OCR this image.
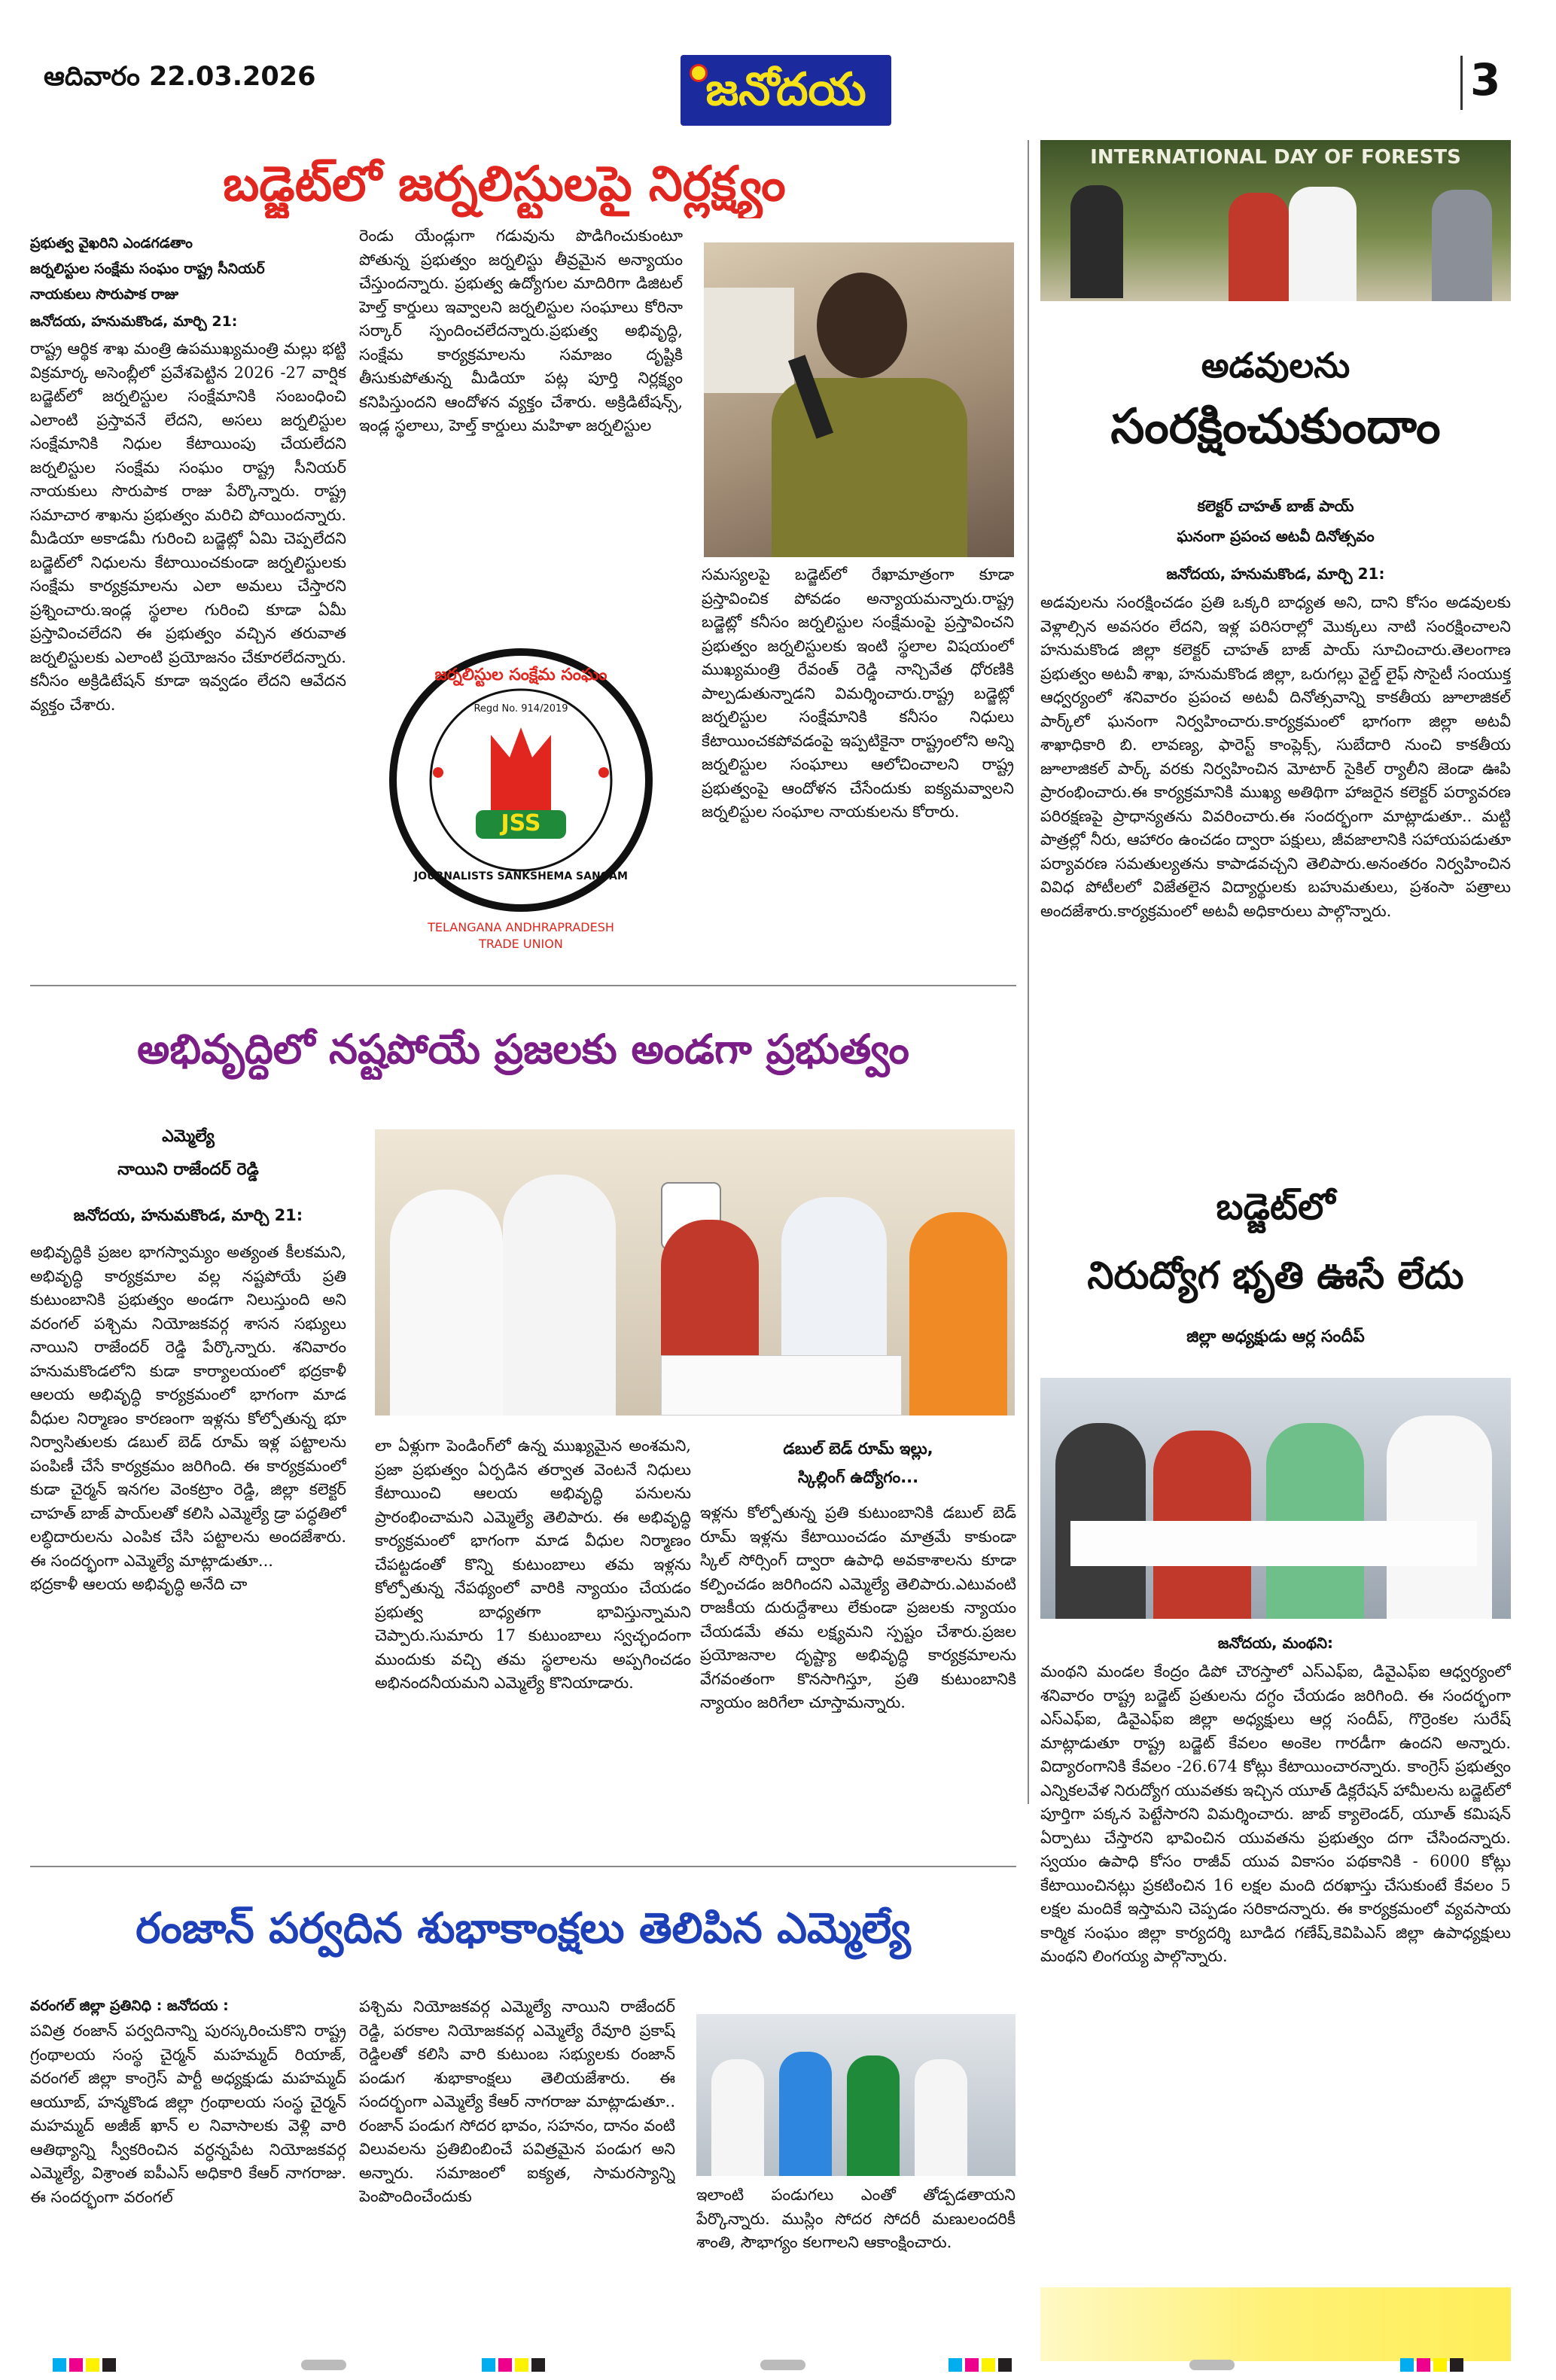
ఆదివారం 22.03.2026	జనోదయ	3
బడ్జెట్‌లో జర్నలిస్టులపై నిర్లక్ష్యం
ప్రభుత్వ వైఖరిని ఎండగడతాం
జర్నలిస్టుల సంక్షేమ సంఘం రాష్ట్ర సీనియర్
నాయకులు సొరుపాక రాజు
జనోదయ, హనుమకొండ, మార్చి 21:
రాష్ట్ర ఆర్థిక శాఖ మంత్రి ఉపముఖ్యమంత్రి మల్లు భట్టి విక్రమార్క అసెంబ్లీలో ప్రవేశపెట్టిన 2026 -27 వార్షిక బడ్జెట్‌లో జర్నలిస్టుల సంక్షేమానికి సంబంధించి ఎలాంటి ప్రస్తావనే లేదని, అసలు జర్నలిస్టుల సంక్షేమానికి నిధుల కేటాయింపు చేయలేదని జర్నలిస్టుల సంక్షేమ సంఘం రాష్ట్ర సీనియర్ నాయకులు సొరుపాక రాజు పేర్కొన్నారు. రాష్ట్ర సమాచార శాఖను ప్రభుత్వం మరిచి పోయిందన్నారు. మీడియా అకాడమీ గురించి బడ్జెట్లో ఏమి చెప్పలేదని బడ్జెట్‌లో నిధులను కేటాయించకుండా జర్నలిస్టులకు సంక్షేమ కార్యక్రమాలను ఎలా అమలు చేస్తారని ప్రశ్నించారు.ఇండ్ల స్థలాల గురించి కూడా ఏమీ ప్రస్తావించలేదని ఈ ప్రభుత్వం వచ్చిన తరువాత జర్నలిస్టులకు ఎలాంటి ప్రయోజనం చేకూరలేదన్నారు. కనీసం అక్రిడిటేషన్ కూడా ఇవ్వడం లేదని ఆవేదన వ్యక్తం చేశారు.
రెండు యేండ్లుగా గడువును పొడిగించుకుంటూ పోతున్న ప్రభుత్వం జర్నలిస్టు తీవ్రమైన అన్యాయం చేస్తుందన్నారు. ప్రభుత్వ ఉద్యోగుల మాదిరిగా డిజిటల్ హెల్త్ కార్డులు ఇవ్వాలని జర్నలిస్టుల సంఘాలు కోరినా సర్కార్ స్పందించలేదన్నారు.ప్రభుత్వ అభివృద్ధి, సంక్షేమ కార్యక్రమాలను సమాజం దృష్టికి తీసుకుపోతున్న మీడియా పట్ల పూర్తి నిర్లక్ష్యం కనిపిస్తుందని ఆందోళన వ్యక్తం చేశారు. అక్రిడిటేషన్స్, ఇండ్ల స్థలాలు, హెల్త్ కార్డులు మహిళా జర్నలిస్టుల
సమస్యలపై బడ్జెట్‌లో రేఖామాత్రంగా కూడా ప్రస్తావించిక పోవడం అన్యాయమన్నారు.రాష్ట్ర బడ్జెట్లో కనీసం జర్నలిస్టుల సంక్షేమంపై ప్రస్తావించని ప్రభుత్వం జర్నలిస్టులకు ఇంటి స్థలాల విషయంలో ముఖ్యమంత్రి రేవంత్ రెడ్డి నాన్చివేత ధోరణికి పాల్పడుతున్నాడని విమర్శించారు.రాష్ట్ర బడ్జెట్లో జర్నలిస్టుల సంక్షేమానికి కనీసం నిధులు కేటాయించకపోవడంపై ఇప్పటికైనా రాష్ట్రంలోని అన్ని జర్నలిస్టుల సంఘాలు ఆలోచించాలని రాష్ట్ర ప్రభుత్వంపై ఆందోళన చేసేందుకు ఐక్యమవ్వాలని జర్నలిస్టుల సంఘాల నాయకులను కోరారు.
జర్నలిస్టుల సంక్షేమ సంఘం
Regd No. 914/2019
JSS
JOURNALISTS SANKSHEMA SANGAM
TELANGANA ANDHRAPRADESH
TRADE UNION
INTERNATIONAL DAY OF FORESTS
అడవులను
సంరక్షించుకుందాం
కలెక్టర్ చాహత్ బాజ్ పాయ్
ఘనంగా ప్రపంచ అటవీ దినోత్సవం
జనోదయ, హనుమకొండ, మార్చి 21:
అడవులను సంరక్షించడం ప్రతి ఒక్కరి బాధ్యత అని, దాని కోసం అడవులకు వెళ్లాల్సిన అవసరం లేదని, ఇళ్ల పరిసరాల్లో మొక్కలు నాటి సంరక్షించాలని హనుమకొండ జిల్లా కలెక్టర్ చాహత్ బాజ్ పాయ్ సూచించారు.తెలంగాణ ప్రభుత్వం అటవీ శాఖ, హనుమకొండ జిల్లా, ఒరుగల్లు వైల్డ్ లైఫ్ సొసైటీ సంయుక్త ఆధ్వర్యంలో శనివారం ప్రపంచ అటవీ దినోత్సవాన్ని కాకతీయ జూలాజికల్ పార్క్‌లో ఘనంగా నిర్వహించారు.కార్యక్రమంలో భాగంగా జిల్లా అటవీ శాఖాధికారి బి. లావణ్య, ఫారెస్ట్ కాంప్లెక్స్, సుబేదారి నుంచి కాకతీయ జూలాజికల్ పార్క్ వరకు నిర్వహించిన మోటార్ సైకిల్ ర్యాలీని జెండా ఊపి ప్రారంభించారు.ఈ కార్యక్రమానికి ముఖ్య అతిథిగా హాజరైన కలెక్టర్ పర్యావరణ పరిరక్షణపై ప్రాధాన్యతను వివరించారు.ఈ సందర్భంగా మాట్లాడుతూ.. మట్టి పాత్రల్లో నీరు, ఆహారం ఉంచడం ద్వారా పక్షులు, జీవజాలానికి సహాయపడుతూ పర్యావరణ సమతుల్యతను కాపాడవచ్చని తెలిపారు.అనంతరం నిర్వహించిన వివిధ పోటీలలో విజేతలైన విద్యార్థులకు బహుమతులు, ప్రశంసా పత్రాలు అందజేశారు.కార్యక్రమంలో అటవీ అధికారులు పాల్గొన్నారు.
అభివృద్ధిలో నష్టపోయే ప్రజలకు అండగా ప్రభుత్వం
ఎమ్మెల్యే
నాయిని రాజేందర్ రెడ్డి
జనోదయ, హనుమకొండ, మార్చి 21:
అభివృద్ధికి ప్రజల భాగస్వామ్యం అత్యంత కీలకమని, అభివృద్ధి కార్యక్రమాల వల్ల నష్టపోయే ప్రతి కుటుంబానికి ప్రభుత్వం అండగా నిలుస్తుంది అని వరంగల్ పశ్చిమ నియోజకవర్గ శాసన సభ్యులు నాయిని రాజేందర్ రెడ్డి పేర్కొన్నారు. శనివారం హనుమకొండలోని కుడా కార్యాలయంలో భద్రకాళీ ఆలయ అభివృద్ధి కార్యక్రమంలో భాగంగా మాడ వీధుల నిర్మాణం కారణంగా ఇళ్లను కోల్పోతున్న భూ నిర్వాసితులకు డబుల్ బెడ్ రూమ్ ఇళ్ల పట్టాలను పంపిణీ చేసే కార్యక్రమం జరిగింది. ఈ కార్యక్రమంలో కుడా చైర్మన్ ఇనగల వెంకట్రాం రెడ్డి, జిల్లా కలెక్టర్ చాహత్ బాజ్ పాయ్‌లతో కలిసి ఎమ్మెల్యే డ్రా పద్ధతిలో లబ్ధిదారులను ఎంపిక చేసి పట్టాలను అందజేశారు. ఈ సందర్భంగా ఎమ్మెల్యే మాట్లాడుతూ...
భద్రకాళీ ఆలయ అభివృద్ధి అనేది చా
లా ఏళ్లుగా పెండింగ్‌లో ఉన్న ముఖ్యమైన అంశమని, ప్రజా ప్రభుత్వం ఏర్పడిన తర్వాత వెంటనే నిధులు కేటాయించి ఆలయ అభివృద్ధి పనులను ప్రారంభించామని ఎమ్మెల్యే తెలిపారు. ఈ అభివృద్ధి కార్యక్రమంలో భాగంగా మాడ వీధుల నిర్మాణం చేపట్టడంతో కొన్ని కుటుంబాలు తమ ఇళ్లను కోల్పోతున్న నేపథ్యంలో వారికి న్యాయం చేయడం ప్రభుత్వ బాధ్యతగా భావిస్తున్నామని చెప్పారు.సుమారు 17 కుటుంబాలు స్వచ్ఛందంగా ముందుకు వచ్చి తమ స్థలాలను అప్పగించడం అభినందనీయమని ఎమ్మెల్యే కొనియాడారు.
డబుల్ బెడ్ రూమ్ ఇల్లు,
స్కిల్లింగ్ ఉద్యోగం...
ఇళ్లను కోల్పోతున్న ప్రతి కుటుంబానికి డబుల్ బెడ్ రూమ్ ఇళ్లను కేటాయించడం మాత్రమే కాకుండా స్కిల్ సోర్సింగ్ ద్వారా ఉపాధి అవకాశాలను కూడా కల్పించడం జరిగిందని ఎమ్మెల్యే తెలిపారు.ఎటువంటి రాజకీయ దురుద్దేశాలు లేకుండా ప్రజలకు న్యాయం చేయడమే తమ లక్ష్యమని స్పష్టం చేశారు.ప్రజల ప్రయోజనాల దృష్ట్యా అభివృద్ధి కార్యక్రమాలను వేగవంతంగా కొనసాగిస్తూ, ప్రతి కుటుంబానికి న్యాయం జరిగేలా చూస్తామన్నారు.
బడ్జెట్‌లో
నిరుద్యోగ భృతి ఊసే లేదు
జిల్లా అధ్యక్షుడు ఆర్ల సందీప్
జనోదయ, మంథని:
మంథని మండల కేంద్రం డిపో చౌరస్తాలో ఎస్ఎఫ్ఐ, డివైఎఫ్ఐ ఆధ్వర్యంలో శనివారం రాష్ట్ర బడ్జెట్ ప్రతులను దగ్ధం చేయడం జరిగింది. ఈ సందర్భంగా ఎస్ఎఫ్ఐ, డివైఎఫ్ఐ జిల్లా అధ్యక్షులు ఆర్ల సందీప్, గొర్రెంకల సురేష్ మాట్లాడుతూ రాష్ట్ర బడ్జెట్ కేవలం అంకెల గారడీగా ఉందని అన్నారు. విద్యారంగానికి కేవలం -26.674 కోట్లు కేటాయించారన్నారు. కాంగ్రెస్ ప్రభుత్వం ఎన్నికలవేళ నిరుద్యోగ యువతకు ఇచ్చిన యూత్ డిక్లరేషన్ హామీలను బడ్జెట్‌లో పూర్తిగా పక్కన పెట్టేసారని విమర్శించారు. జాబ్ క్యాలెండర్, యూత్ కమిషన్ ఏర్పాటు చేస్తారని భావించిన యువతను ప్రభుత్వం దగా చేసిందన్నారు. స్వయం ఉపాధి కోసం రాజీవ్ యువ వికాసం పథకానికి - 6000 కోట్లు కేటాయించినట్లు ప్రకటించిన 16 లక్షల మంది దరఖాస్తు చేసుకుంటే కేవలం 5 లక్షల మందికే ఇస్తామని చెప్పడం సరికాదన్నారు. ఈ కార్యక్రమంలో వ్యవసాయ కార్మిక సంఘం జిల్లా కార్యదర్శి బూడిద గణేష్,కెవిపిఎస్ జిల్లా ఉపాధ్యక్షులు మంథని లింగయ్య పాల్గొన్నారు.
రంజాన్ పర్వదిన శుభాకాంక్షలు తెలిపిన ఎమ్మెల్యే
వరంగల్ జిల్లా ప్రతినిధి : జనోదయ :
పవిత్ర రంజాన్ పర్వదినాన్ని పురస్కరించుకొని రాష్ట్ర గ్రంథాలయ సంస్థ చైర్మన్ మహమ్మద్ రియాజ్, వరంగల్ జిల్లా కాంగ్రెస్ పార్టీ అధ్యక్షుడు మహమ్మద్ ఆయూబ్, హన్మకొండ జిల్లా గ్రంథాలయ సంస్థ చైర్మన్ మహమ్మద్ అజీజ్ ఖాన్ ల నివాసాలకు వెళ్లి వారి ఆతిథ్యాన్ని స్వీకరించిన వర్ధన్నపేట నియోజకవర్గ ఎమ్మెల్యే, విశ్రాంత ఐపీఎస్ అధికారి కేఆర్ నాగరాజు. ఈ సందర్భంగా వరంగల్
పశ్చిమ నియోజకవర్గ ఎమ్మెల్యే నాయిని రాజేందర్ రెడ్డి, పరకాల నియోజకవర్గ ఎమ్మెల్యే రేవూరి ప్రకాష్ రెడ్డిలతో కలిసి వారి కుటుంబ సభ్యులకు రంజాన్ పండుగ శుభాకాంక్షలు తెలియజేశారు. ఈ సందర్భంగా ఎమ్మెల్యే కేఆర్ నాగరాజు మాట్లాడుతూ.. రంజాన్ పండుగ సోదర భావం, సహనం, దానం వంటి విలువలను ప్రతిబింబించే పవిత్రమైన పండుగ అని అన్నారు. సమాజంలో ఐక్యత, సామరస్యాన్ని పెంపొందించేందుకు	ఇలాంటి పండుగలు ఎంతో తోడ్పడతాయని పేర్కొన్నారు. ముస్లిం సోదర సోదరీ మణులందరికీ శాంతి, సౌభాగ్యం కలగాలని ఆకాంక్షించారు.
